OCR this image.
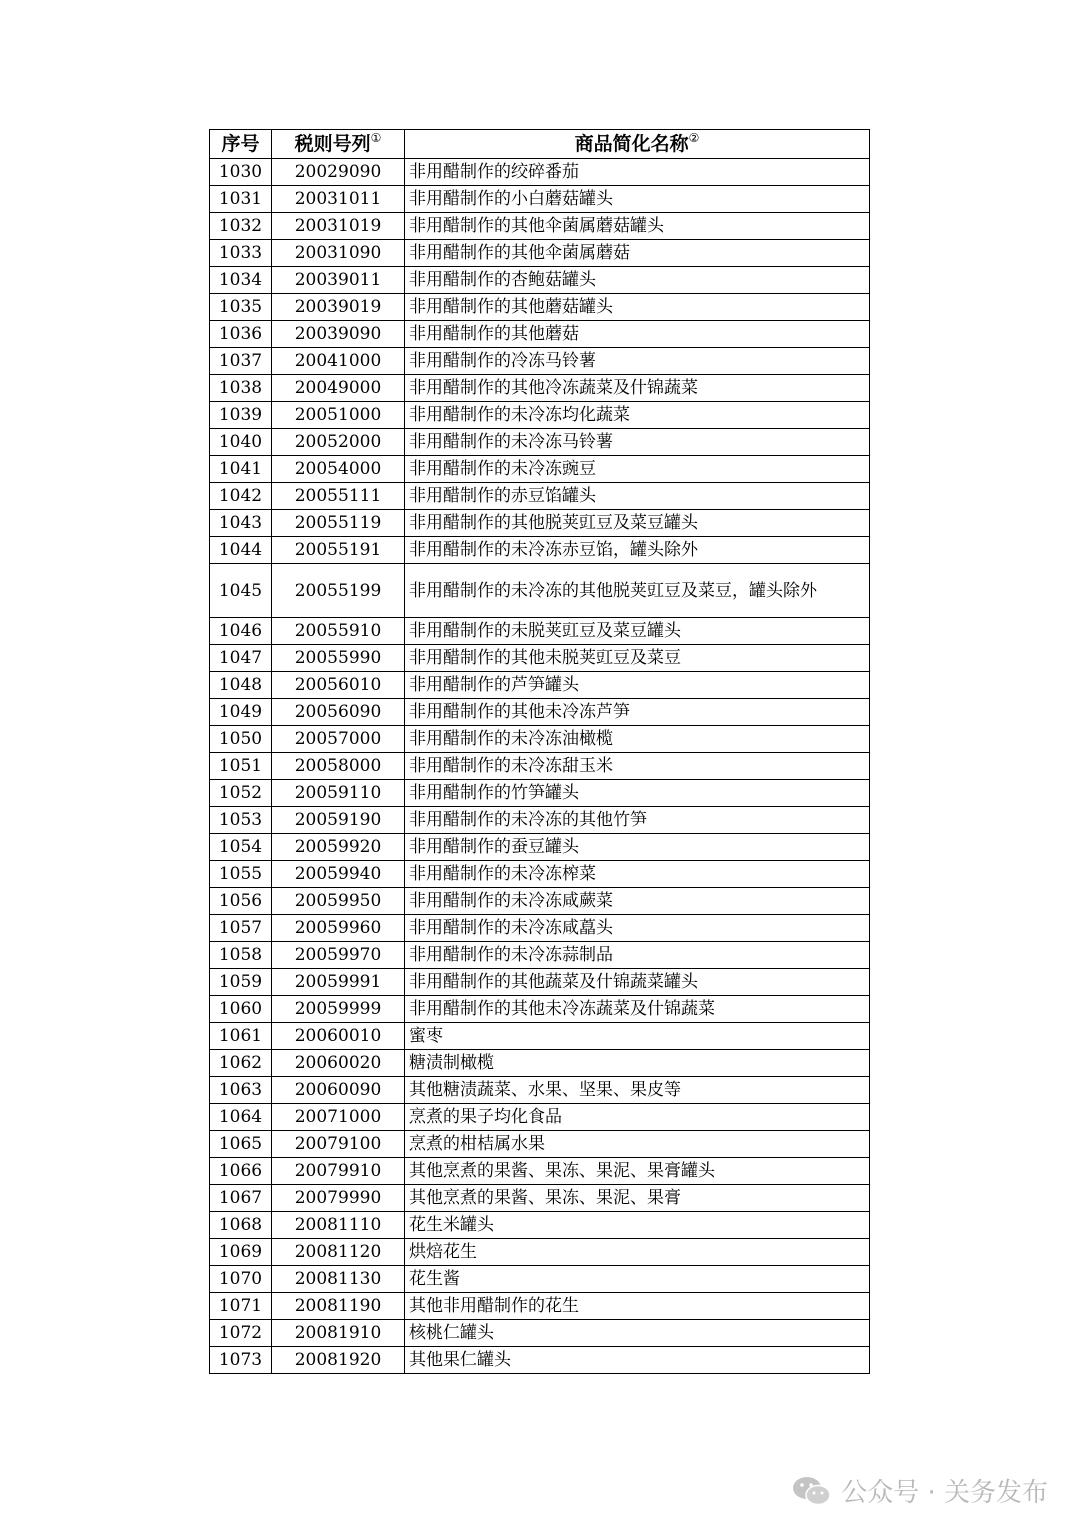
序号	税则号列①	商品简化名称②
1030	20029090	非用醋制作的绞碎番茄
1031	20031011	非用醋制作的小白蘑菇罐头
1032	20031019	非用醋制作的其他伞菌属蘑菇罐头
1033	20031090	非用醋制作的其他伞菌属蘑菇
1034	20039011	非用醋制作的杏鲍菇罐头
1035	20039019	非用醋制作的其他蘑菇罐头
1036	20039090	非用醋制作的其他蘑菇
1037	20041000	非用醋制作的冷冻马铃薯
1038	20049000	非用醋制作的其他冷冻蔬菜及什锦蔬菜
1039	20051000	非用醋制作的未冷冻均化蔬菜
1040	20052000	非用醋制作的未冷冻马铃薯
1041	20054000	非用醋制作的未冷冻豌豆
1042	20055111	非用醋制作的赤豆馅罐头
1043	20055119	非用醋制作的其他脱荚豇豆及菜豆罐头
1044	20055191	非用醋制作的未冷冻赤豆馅，罐头除外
1045	20055199	非用醋制作的未冷冻的其他脱荚豇豆及菜豆，罐头除外
1046	20055910	非用醋制作的未脱荚豇豆及菜豆罐头
1047	20055990	非用醋制作的其他未脱荚豇豆及菜豆
1048	20056010	非用醋制作的芦笋罐头
1049	20056090	非用醋制作的其他未冷冻芦笋
1050	20057000	非用醋制作的未冷冻油橄榄
1051	20058000	非用醋制作的未冷冻甜玉米
1052	20059110	非用醋制作的竹笋罐头
1053	20059190	非用醋制作的未冷冻的其他竹笋
1054	20059920	非用醋制作的蚕豆罐头
1055	20059940	非用醋制作的未冷冻榨菜
1056	20059950	非用醋制作的未冷冻咸蕨菜
1057	20059960	非用醋制作的未冷冻咸藠头
1058	20059970	非用醋制作的未冷冻蒜制品
1059	20059991	非用醋制作的其他蔬菜及什锦蔬菜罐头
1060	20059999	非用醋制作的其他未冷冻蔬菜及什锦蔬菜
1061	20060010	蜜枣
1062	20060020	糖渍制橄榄
1063	20060090	其他糖渍蔬菜、水果、坚果、果皮等
1064	20071000	烹煮的果子均化食品
1065	20079100	烹煮的柑桔属水果
1066	20079910	其他烹煮的果酱、果冻、果泥、果膏罐头
1067	20079990	其他烹煮的果酱、果冻、果泥、果膏
1068	20081110	花生米罐头
1069	20081120	烘焙花生
1070	20081130	花生酱
1071	20081190	其他非用醋制作的花生
1072	20081910	核桃仁罐头
1073	20081920	其他果仁罐头
公众号 · 关务发布
